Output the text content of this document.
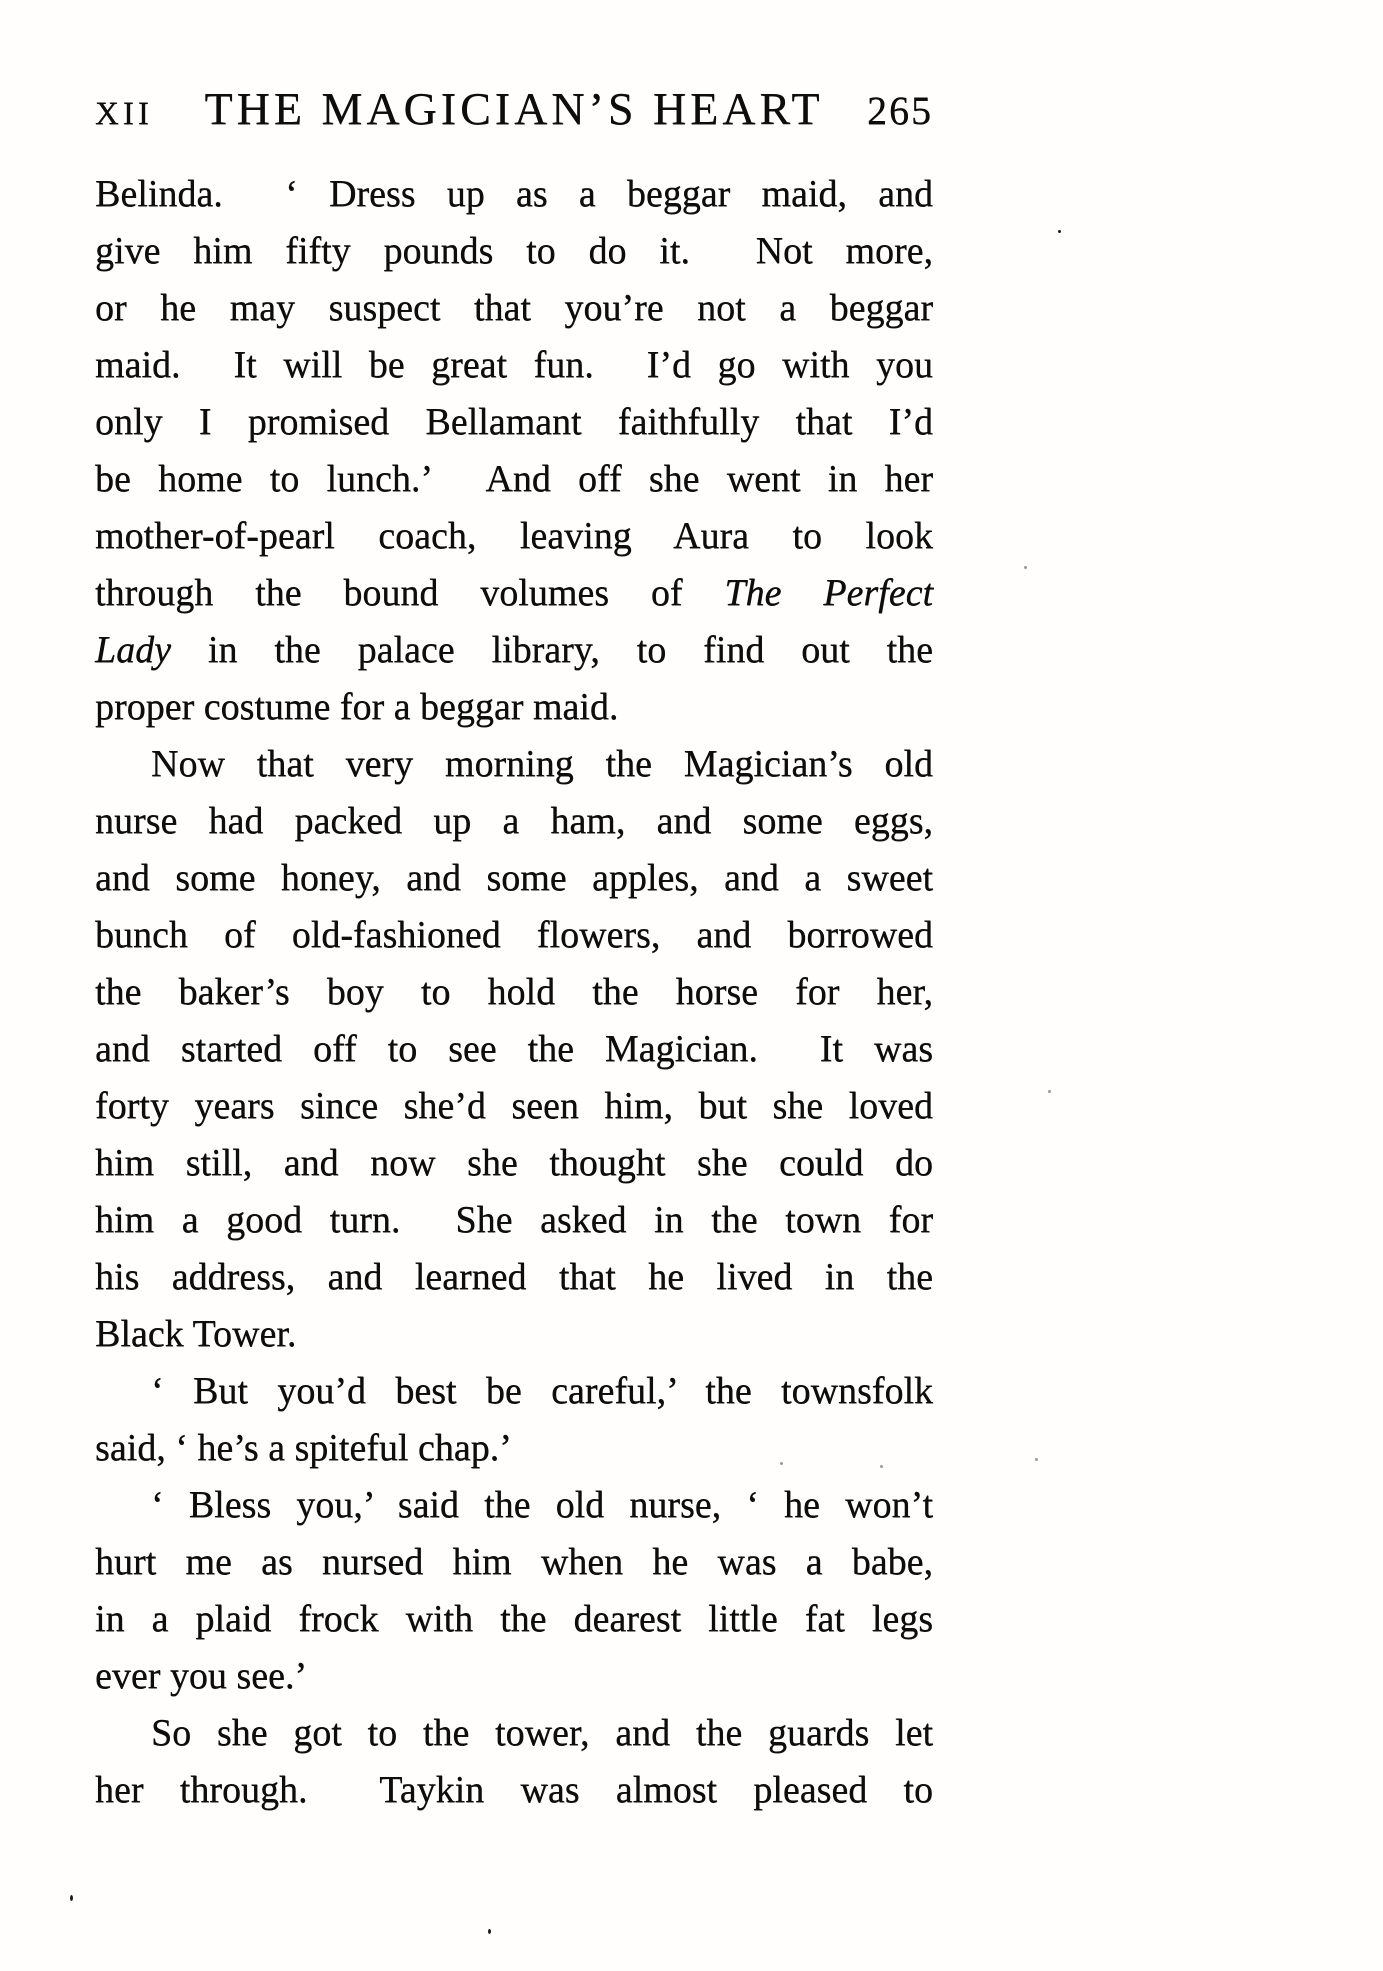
XII	THE MAGICIAN’S HEART	265
Belinda.  ‘ Dress up as a beggar maid, and
give him fifty pounds to do it.  Not more,
or he may suspect that you’re not a beggar
maid.  It will be great fun.  I’d go with you
only I promised Bellamant faithfully that I’d
be home to lunch.’  And off she went in her
mother-of-pearl coach, leaving Aura to look
through the bound volumes of The Perfect
Lady in the palace library, to find out the
proper costume for a beggar maid.
Now that very morning the Magician’s old
nurse had packed up a ham, and some eggs,
and some honey, and some apples, and a sweet
bunch of old-fashioned flowers, and borrowed
the baker’s boy to hold the horse for her,
and started off to see the Magician.  It was
forty years since she’d seen him, but she loved
him still, and now she thought she could do
him a good turn.  She asked in the town for
his address, and learned that he lived in the
Black Tower.
‘ But you’d best be careful,’ the townsfolk
said, ‘ he’s a spiteful chap.’
‘ Bless you,’ said the old nurse, ‘ he won’t
hurt me as nursed him when he was a babe,
in a plaid frock with the dearest little fat legs
ever you see.’
So she got to the tower, and the guards let
her through.  Taykin was almost pleased to
